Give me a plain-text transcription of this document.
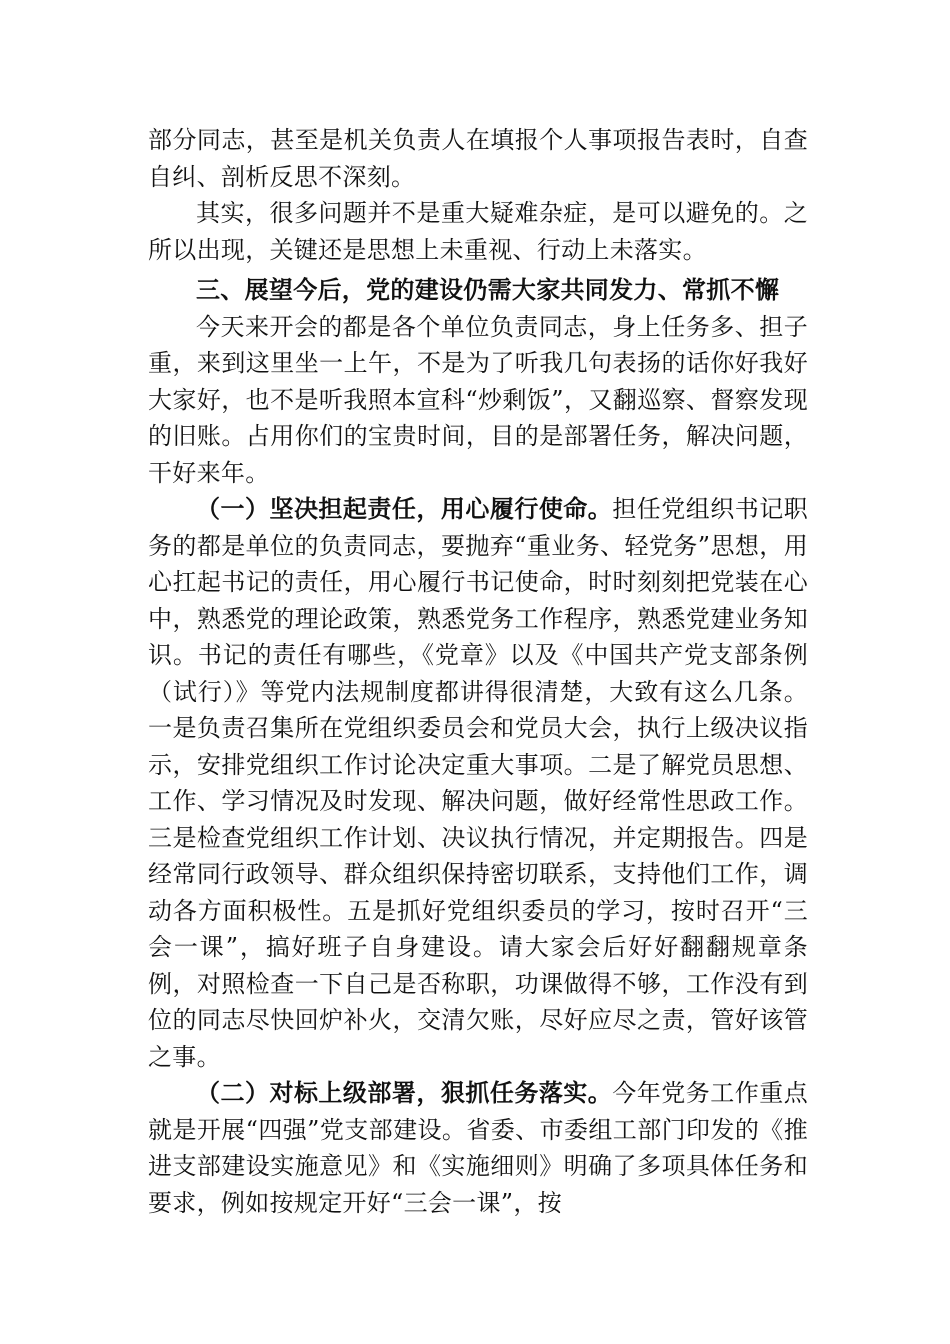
部分同志，甚至是机关负责人在填报个人事项报告表时，自查自纠、剖析反思不深刻。

其实，很多问题并不是重大疑难杂症，是可以避免的。之所以出现，关键还是思想上未重视、行动上未落实。

三、展望今后，党的建设仍需大家共同发力、常抓不懈

今天来开会的都是各个单位负责同志，身上任务多、担子重，来到这里坐一上午，不是为了听我几句表扬的话你好我好大家好，也不是听我照本宣科“炒剩饭”，又翻巡察、督察发现的旧账。占用你们的宝贵时间，目的是部署任务，解决问题，干好来年。

（一）坚决担起责任，用心履行使命。担任党组织书记职务的都是单位的负责同志，要抛弃“重业务、轻党务”思想，用心扛起书记的责任，用心履行书记使命，时时刻刻把党装在心中，熟悉党的理论政策，熟悉党务工作程序，熟悉党建业务知识。书记的责任有哪些，《党章》以及《中国共产党支部条例（试行）》等党内法规制度都讲得很清楚，大致有这么几条。一是负责召集所在党组织委员会和党员大会，执行上级决议指示，安排党组织工作讨论决定重大事项。二是了解党员思想、工作、学习情况及时发现、解决问题，做好经常性思政工作。三是检查党组织工作计划、决议执行情况，并定期报告。四是经常同行政领导、群众组织保持密切联系，支持他们工作，调动各方面积极性。五是抓好党组织委员的学习，按时召开“三会一课”，搞好班子自身建设。请大家会后好好翻翻规章条例，对照检查一下自己是否称职，功课做得不够，工作没有到位的同志尽快回炉补火，交清欠账，尽好应尽之责，管好该管之事。

（二）对标上级部署，狠抓任务落实。今年党务工作重点就是开展“四强”党支部建设。省委、市委组工部门印发的《推进支部建设实施意见》和《实施细则》明确了多项具体任务和要求，例如按规定开好“三会一课”，按
